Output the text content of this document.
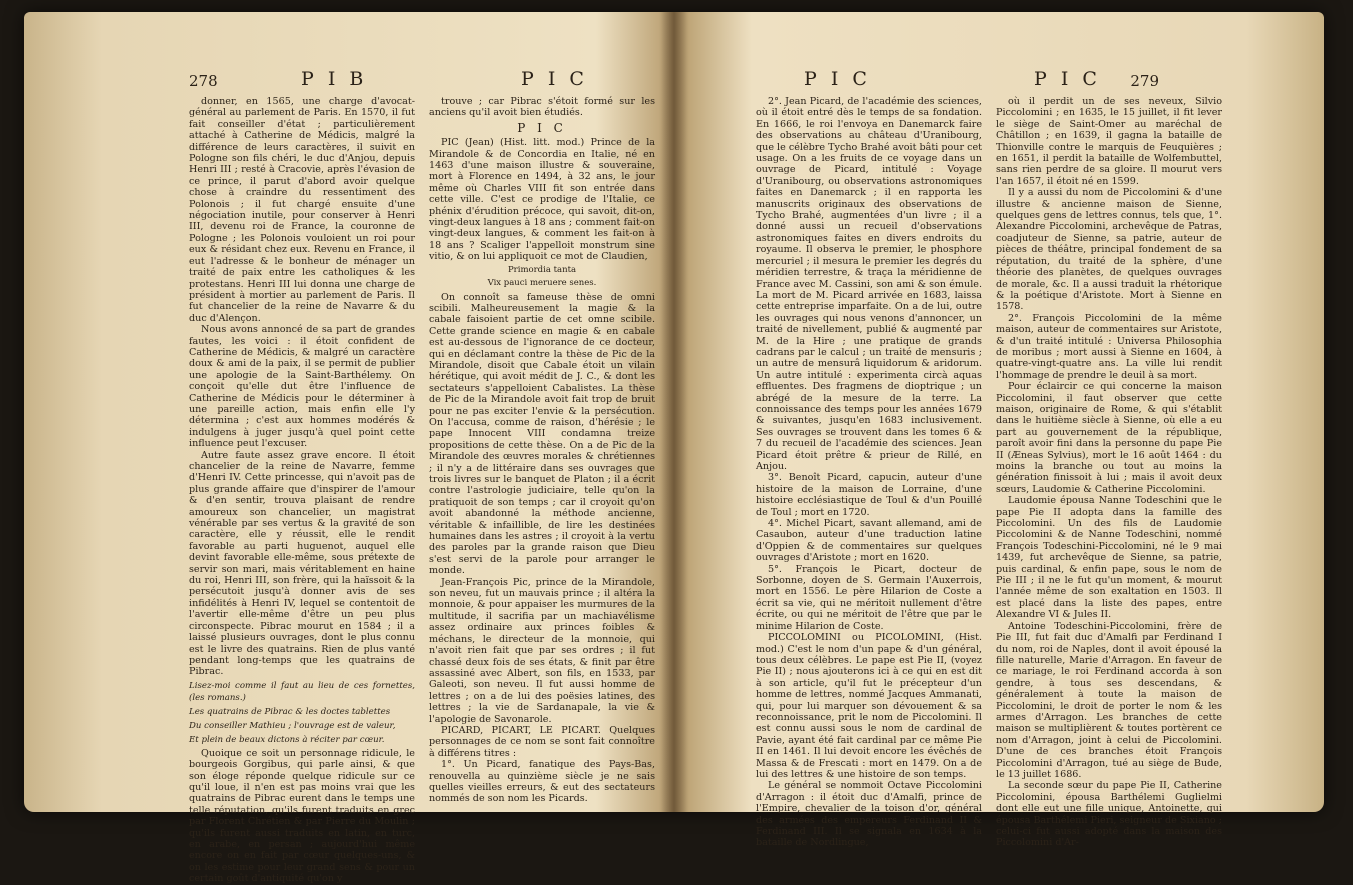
278	P I B	P I C

donner, en 1565, une charge d'avocat-général au parlement de Paris. En 1570, il fut fait conseiller d'état ; particulièrement attaché à Catherine de Médicis, malgré la différence de leurs caractères, il suivit en Pologne son fils chéri, le duc d'Anjou, depuis Henri III ; resté à Cracovie, après l'évasion de ce prince, il parut d'abord avoir quelque chose à craindre du ressentiment des Polonois ; il fut chargé ensuite d'une négociation inutile, pour conserver à Henri III, devenu roi de France, la couronne de Pologne ; les Polonois vouloient un roi pour eux & résidant chez eux. Revenu en France, il eut l'adresse & le bonheur de ménager un traité de paix entre les catholiques & les protestans. Henri III lui donna une charge de président à mortier au parlement de Paris. Il fut chancelier de la reine de Navarre & du duc d'Alençon.

Nous avons annoncé de sa part de grandes fautes, les voici : il étoit confident de Catherine de Médicis, & malgré un caractère doux & ami de la paix, il se permit de publier une apologie de la Saint-Barthélemy. On conçoit qu'elle dut être l'influence de Catherine de Médicis pour le déterminer à une pareille action, mais enfin elle l'y détermina ; c'est aux hommes modérés & indulgens à juger jusqu'à quel point cette influence peut l'excuser.

Autre faute assez grave encore. Il étoit chancelier de la reine de Navarre, femme d'Henri IV. Cette princesse, qui n'avoit pas de plus grande affaire que d'inspirer de l'amour & d'en sentir, trouva plaisant de rendre amoureux son chancelier, un magistrat vénérable par ses vertus & la gravité de son caractère, elle y réussit, elle le rendit favorable au parti huguenot, auquel elle devint favorable elle-même, sous prétexte de servir son mari, mais véritablement en haine du roi, Henri III, son frère, qui la haïssoit & la persécutoit jusqu'à donner avis de ses infidélités à Henri IV, lequel se contentoit de l'avertir elle-même d'être un peu plus circonspecte. Pibrac mourut en 1584 ; il a laissé plusieurs ouvrages, dont le plus connu est le livre des quatrains. Rien de plus vanté pendant long-temps que les quatrains de Pibrac.

Lisez-moi comme il faut au lieu de ces fornettes, (les romans.)

Les quatrains de Pibrac & les doctes tablettes

Du conseiller Mathieu ; l'ouvrage est de valeur,

Et plein de beaux dictons à réciter par cœur.

Quoique ce soit un personnage ridicule, le bourgeois Gorgibus, qui parle ainsi, & que son éloge réponde quelque ridicule sur ce qu'il loue, il n'en est pas moins vrai que les quatrains de Pibrac eurent dans le temps une telle réputation, qu'ils furent traduits en grec par Florent Chrétien & par Pierre du Moulin ; qu'ils furent aussi traduits en latin, en turc, en arabe, en persan ; aujourd'hui même encore on en fait par cœur quelques-uns, & on les estime pour leur grand sens & pour un certain goût d'antiquité qu'on y

trouve ; car Pibrac s'étoit formé sur les anciens qu'il avoit bien étudiés.

P I C

PIC (Jean) (Hist. litt. mod.) Prince de la Mirandole & de Concordia en Italie, né en 1463 d'une maison illustre & souveraine, mort à Florence en 1494, à 32 ans, le jour même où Charles VIII fit son entrée dans cette ville. C'est ce prodige de l'Italie, ce phénix d'érudition précoce, qui savoit, dit-on, vingt-deux langues à 18 ans ; comment fait-on vingt-deux langues, & comment les fait-on à 18 ans ? Scaliger l'appelloit monstrum sine vitio, & on lui appliquoit ce mot de Claudien,

Primordia tanta

Vix pauci meruere senes.

On connoît sa fameuse thèse de omni scibili. Malheureusement la magie & la cabale faisoient partie de cet omne scibile. Cette grande science en magie & en cabale est au-dessous de l'ignorance de ce docteur, qui en déclamant contre la thèse de Pic de la Mirandole, disoit que Cabale étoit un vilain hérétique, qui avoit médit de J. C., & dont les sectateurs s'appelloient Cabalistes. La thèse de Pic de la Mirandole avoit fait trop de bruit pour ne pas exciter l'envie & la persécution. On l'accusa, comme de raison, d'hérésie ; le pape Innocent VIII condamna treize propositions de cette thèse. On a de Pic de la Mirandole des œuvres morales & chrétiennes ; il n'y a de littéraire dans ses ouvrages que trois livres sur le banquet de Platon ; il a écrit contre l'astrologie judiciaire, telle qu'on la pratiquoit de son temps ; car il croyoit qu'on avoit abandonné la méthode ancienne, véritable & infaillible, de lire les destinées humaines dans les astres ; il croyoit à la vertu des paroles par la grande raison que Dieu s'est servi de la parole pour arranger le monde.

Jean-François Pic, prince de la Mirandole, son neveu, fut un mauvais prince ; il altéra la monnoie, & pour appaiser les murmures de la multitude, il sacrifia par un machiavélisme assez ordinaire aux princes foibles & méchans, le directeur de la monnoie, qui n'avoit rien fait que par ses ordres ; il fut chassé deux fois de ses états, & finit par être assassiné avec Albert, son fils, en 1533, par Galeoti, son neveu. Il fut aussi homme de lettres ; on a de lui des poësies latines, des lettres ; la vie de Sardanapale, la vie & l'apologie de Savonarole.

PICARD, PICART, LE PICART. Quelques personnages de ce nom se sont fait connoître à différens titres :

1°. Un Picard, fanatique des Pays-Bas, renouvella au quinzième siècle je ne sais quelles vieilles erreurs, & eut des sectateurs nommés de son nom les Picards.

P I C	P I C 279

2°. Jean Picard, de l'académie des sciences, où il étoit entré dès le temps de sa fondation. En 1666, le roi l'envoya en Danemarck faire des observations au château d'Uranibourg, que le célèbre Tycho Brahé avoit bâti pour cet usage. On a les fruits de ce voyage dans un ouvrage de Picard, intitulé : Voyage d'Uranibourg, ou observations astronomiques faites en Danemarck ; il en rapporta les manuscrits originaux des observations de Tycho Brahé, augmentées d'un livre ; il a donné aussi un recueil d'observations astronomiques faites en divers endroits du royaume. Il observa le premier, le phosphore mercuriel ; il mesura le premier les degrés du méridien terrestre, & traça la méridienne de France avec M. Cassini, son ami & son émule. La mort de M. Picard arrivée en 1683, laissa cette entreprise imparfaite. On a de lui, outre les ouvrages qui nous venons d'annoncer, un traité de nivellement, publié & augmenté par M. de la Hire ; une pratique de grands cadrans par le calcul ; un traité de mensuris ; un autre de mensurâ liquidorum & aridorum. Un autre intitulé : experimenta circà aquas effluentes. Des fragmens de dioptrique ; un abrégé de la mesure de la terre. La connoissance des temps pour les années 1679 & suivantes, jusqu'en 1683 inclusivement. Ses ouvrages se trouvent dans les tomes 6 & 7 du recueil de l'académie des sciences. Jean Picard étoit prêtre & prieur de Rillé, en Anjou.

3°. Benoît Picard, capucin, auteur d'une histoire de la maison de Lorraine, d'une histoire ecclésiastique de Toul & d'un Pouillé de Toul ; mort en 1720.

4°. Michel Picart, savant allemand, ami de Casaubon, auteur d'une traduction latine d'Oppien & de commentaires sur quelques ouvrages d'Aristote ; mort en 1620.

5°. François le Picart, docteur de Sorbonne, doyen de S. Germain l'Auxerrois, mort en 1556. Le père Hilarion de Coste a écrit sa vie, qui ne méritoit nullement d'être écrite, ou qui ne méritoit de l'être que par le minime Hilarion de Coste.

PICCOLOMINI ou PICOLOMINI, (Hist. mod.) C'est le nom d'un pape & d'un général, tous deux célèbres. Le pape est Pie II, (voyez Pie II) ; nous ajouterons ici à ce qui en est dit à son article, qu'il fut le précepteur d'un homme de lettres, nommé Jacques Ammanati, qui, pour lui marquer son dévouement & sa reconnoissance, prit le nom de Piccolomini. Il est connu aussi sous le nom de cardinal de Pavie, ayant été fait cardinal par ce même Pie II en 1461. Il lui devoit encore les évêchés de Massa & de Frescati : mort en 1479. On a de lui des lettres & une histoire de son temps.

Le général se nommoit Octave Piccolomini d'Arragon : il étoit duc d'Amalfi, prince de l'Empire, chevalier de la toison d'or, général des armées des empereurs Ferdinand II & Ferdinand III. Il se signala en 1634 à la bataille de Nordlingue,

où il perdit un de ses neveux, Silvio Piccolomini ; en 1635, le 15 juillet, il fit lever le siège de Saint-Omer au maréchal de Châtillon ; en 1639, il gagna la bataille de Thionville contre le marquis de Feuquières ; en 1651, il perdit la bataille de Wolfembuttel, sans rien perdre de sa gloire. Il mourut vers l'an 1657, il étoit né en 1599.

Il y a aussi du nom de Piccolomini & d'une illustre & ancienne maison de Sienne, quelques gens de lettres connus, tels que, 1°. Alexandre Piccolomini, archevêque de Patras, coadjuteur de Sienne, sa patrie, auteur de pièces de théâtre, principal fondement de sa réputation, du traité de la sphère, d'une théorie des planètes, de quelques ouvrages de morale, &c. Il a aussi traduit la rhétorique & la poétique d'Aristote. Mort à Sienne en 1578.

2°. François Piccolomini de la même maison, auteur de commentaires sur Aristote, & d'un traité intitulé : Universa Philosophia de moribus ; mort aussi à Sienne en 1604, à quatre-vingt-quatre ans. La ville lui rendit l'hommage de prendre le deuil à sa mort.

Pour éclaircir ce qui concerne la maison Piccolomini, il faut observer que cette maison, originaire de Rome, & qui s'établit dans le huitième siècle à Sienne, où elle a eu part au gouvernement de la république, paroît avoir fini dans la personne du pape Pie II (Æneas Sylvius), mort le 16 août 1464 : du moins la branche ou tout au moins la génération finissoit à lui ; mais il avoit deux sœurs, Laudomie & Catherine Piccolomini.

Laudomie épousa Nanne Todeschini que le pape Pie II adopta dans la famille des Piccolomini. Un des fils de Laudomie Piccolomini & de Nanne Todeschini, nommé François Todeschini-Piccolomini, né le 9 mai 1439, fut archevêque de Sienne, sa patrie, puis cardinal, & enfin pape, sous le nom de Pie III ; il ne le fut qu'un moment, & mourut l'année même de son exaltation en 1503. Il est placé dans la liste des papes, entre Alexandre VI & Jules II.

Antoine Todeschini-Piccolomini, frère de Pie III, fut fait duc d'Amalfi par Ferdinand I du nom, roi de Naples, dont il avoit épousé la fille naturelle, Marie d'Arragon. En faveur de ce mariage, le roi Ferdinand accorda à son gendre, à tous ses descendans, & généralement à toute la maison de Piccolomini, le droit de porter le nom & les armes d'Arragon. Les branches de cette maison se multiplièrent & toutes portèrent ce nom d'Arragon, joint à celui de Piccolomini. D'une de ces branches étoit François Piccolomini d'Arragon, tué au siège de Bude, le 13 juillet 1686.

La seconde sœur du pape Pie II, Catherine Piccolomini, épousa Barthélemi Guglielmi dont elle eut une fille unique, Antoinette, qui épousa Barthélemi Pieri, seigneur de Sixiano ; celui-ci fut aussi adopté dans la maison des Piccolomini d'Ar-
